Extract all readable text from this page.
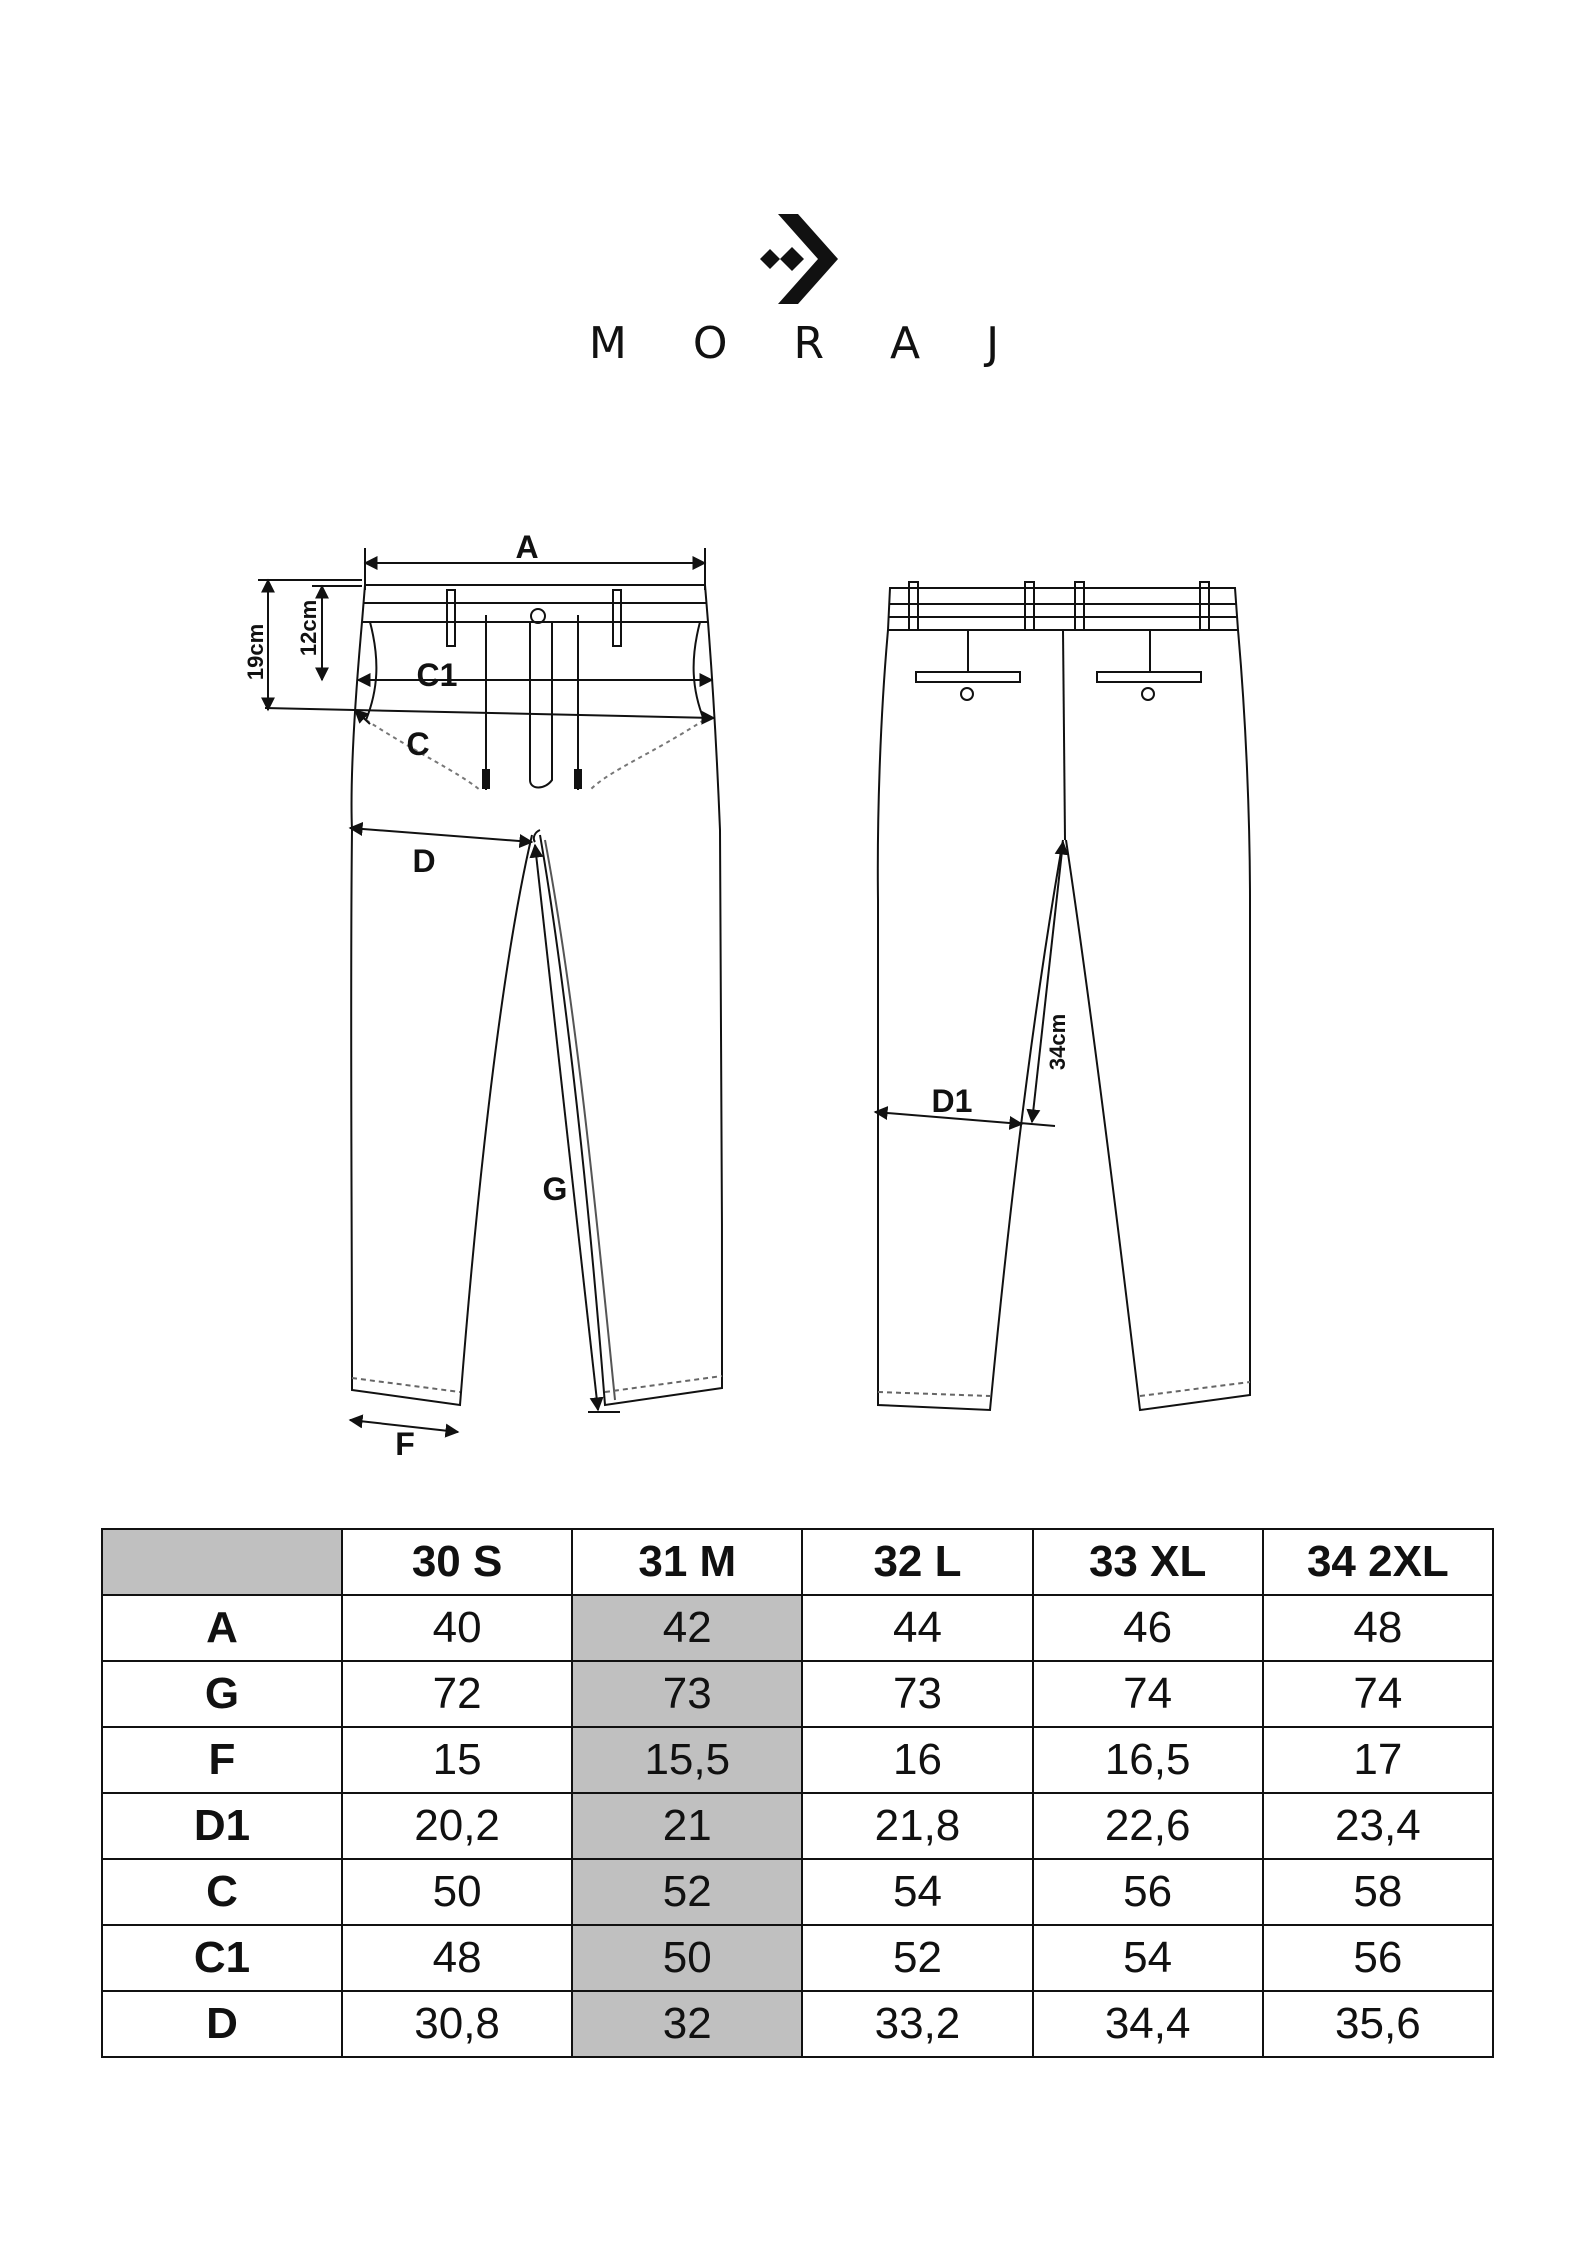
M O R A J
A
19cm 12cm
C1
C
D
G
F
D1
34cm
	30 S	31 M	32 L	33 XL	34 2XL
A	40	42	44	46	48
G	72	73	73	74	74
F	15	15,5	16	16,5	17
D1	20,2	21	21,8	22,6	23,4
C	50	52	54	56	58
C1	48	50	52	54	56
D	30,8	32	33,2	34,4	35,6
